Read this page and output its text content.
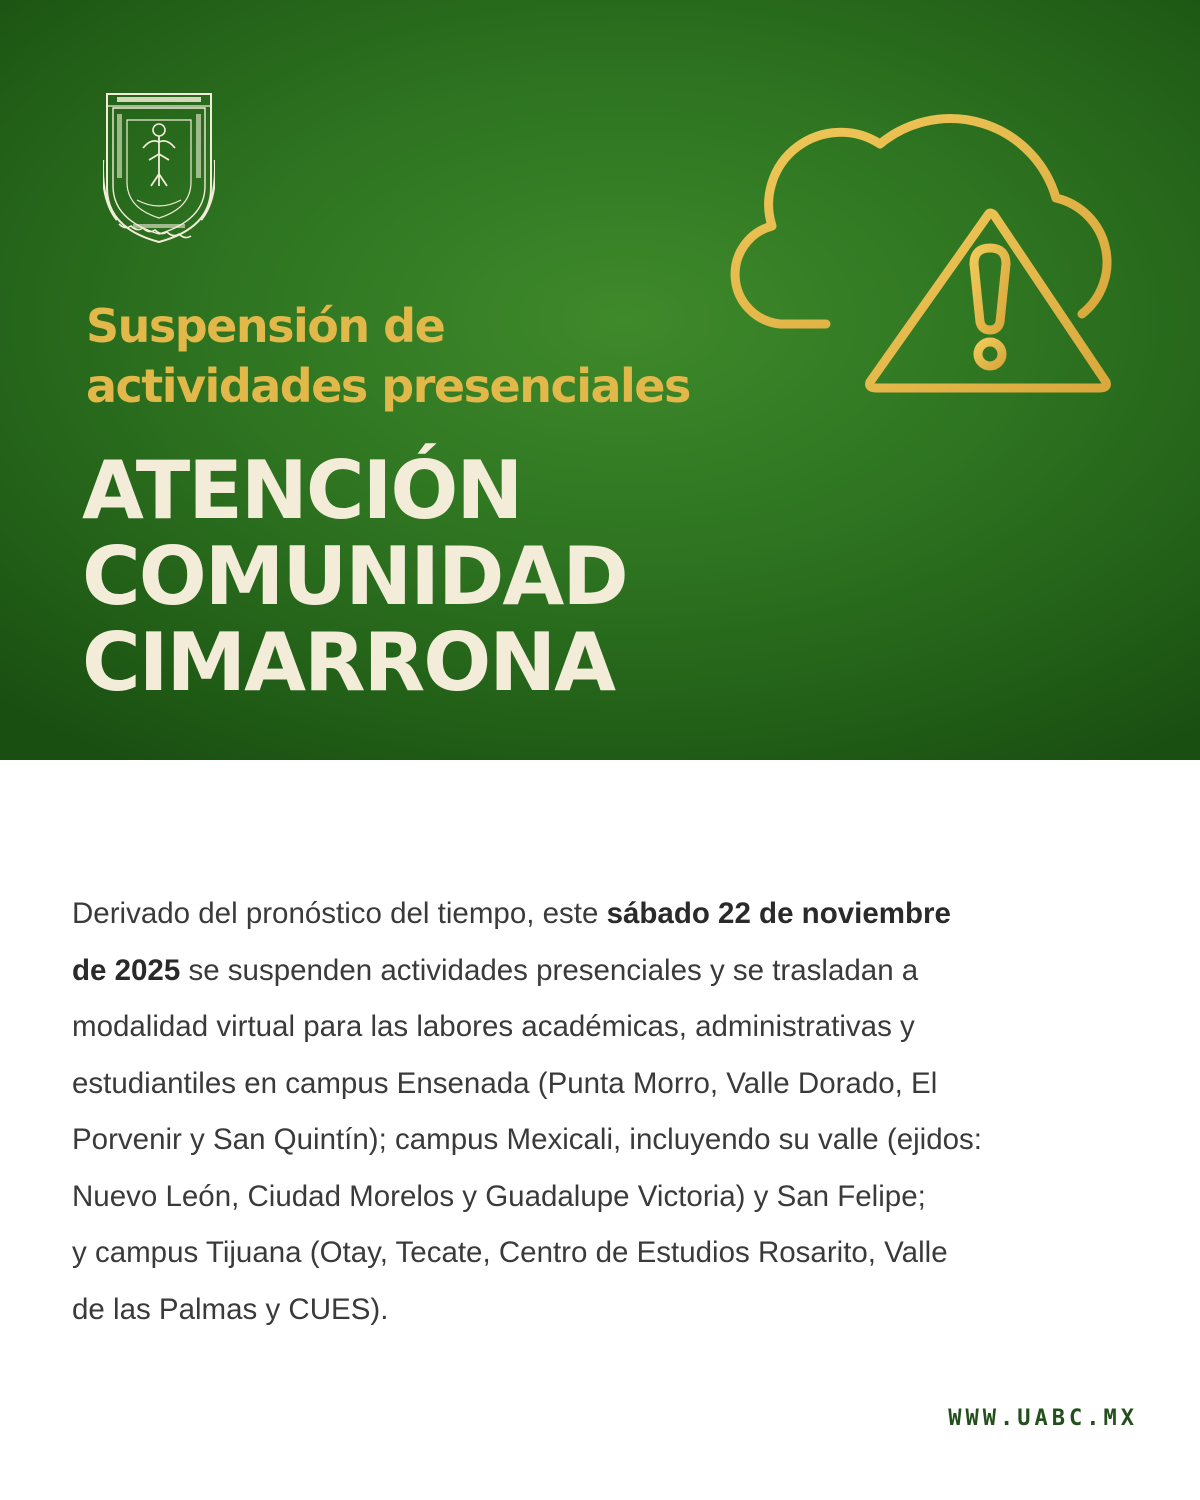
Suspensión de
actividades presenciales
ATENCIÓN
COMUNIDAD
CIMARRONA

Derivado del pronóstico del tiempo, este sábado 22 de noviembre
de 2025 se suspenden actividades presenciales y se trasladan a
modalidad virtual para las labores académicas, administrativas y
estudiantiles en campus Ensenada (Punta Morro, Valle Dorado, El
Porvenir y San Quintín); campus Mexicali, incluyendo su valle (ejidos:
Nuevo León, Ciudad Morelos y Guadalupe Victoria) y San Felipe;
y campus Tijuana (Otay, Tecate, Centro de Estudios Rosarito, Valle
de las Palmas y CUES).

WWW.UABC.MX
